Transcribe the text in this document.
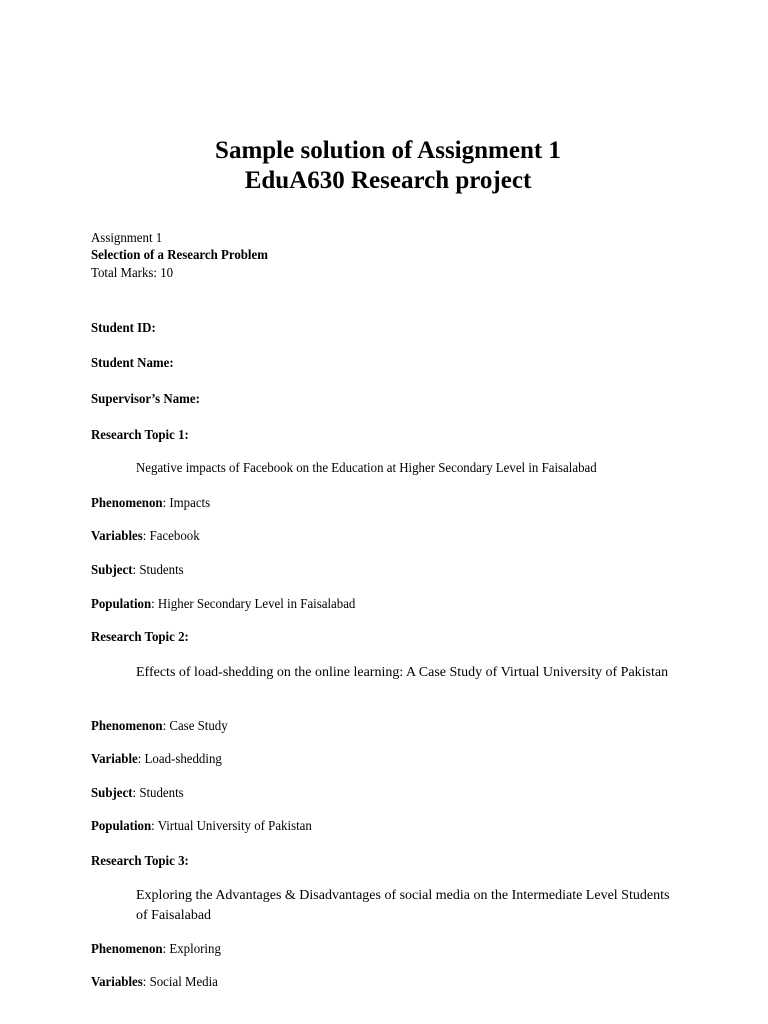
Sample solution of Assignment 1
EduA630 Research project
Assignment 1
Selection of a Research Problem
Total Marks: 10
Student ID:
Student Name:
Supervisor’s Name:
Research Topic 1:
Negative impacts of Facebook on the Education at Higher Secondary Level in Faisalabad
Phenomenon: Impacts
Variables: Facebook
Subject: Students
Population: Higher Secondary Level in Faisalabad
Research Topic 2:
Effects of load-shedding on the online learning: A Case Study of Virtual University of Pakistan
Phenomenon: Case Study
Variable: Load-shedding
Subject: Students
Population: Virtual University of Pakistan
Research Topic 3:
Exploring the Advantages & Disadvantages of social media on the Intermediate Level Students of Faisalabad
Phenomenon: Exploring
Variables: Social Media
